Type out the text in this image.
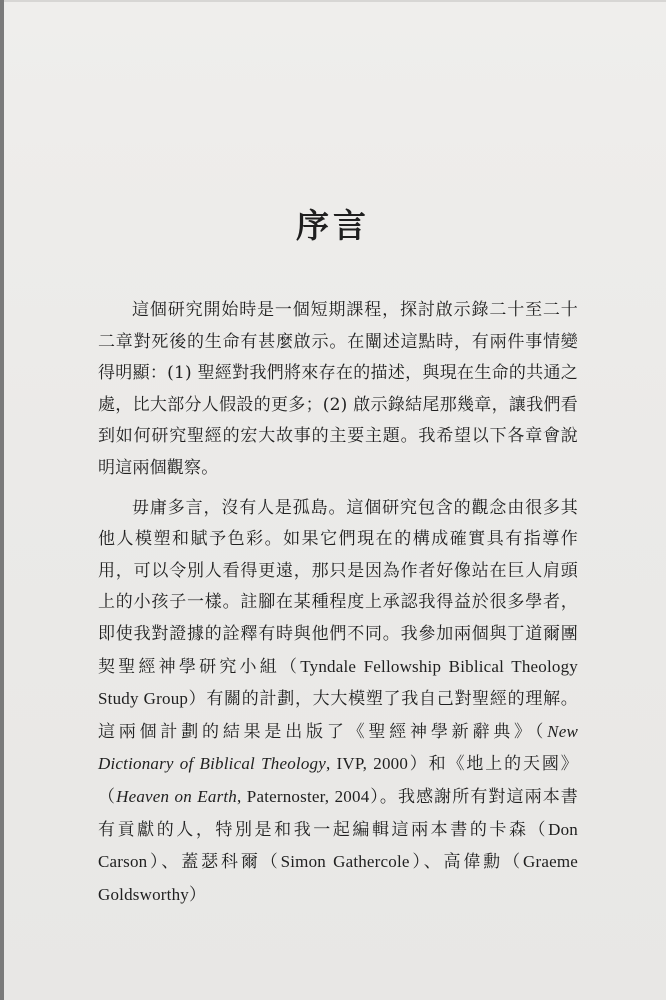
序言

這個研究開始時是一個短期課程，探討啟示錄二十至二十二章對死後的生命有甚麼啟示。在闡述這點時，有兩件事情變得明顯：(1) 聖經對我們將來存在的描述，與現在生命的共通之處，比大部分人假設的更多；(2) 啟示錄結尾那幾章，讓我們看到如何研究聖經的宏大故事的主要主題。我希望以下各章會說明這兩個觀察。

毋庸多言，沒有人是孤島。這個研究包含的觀念由很多其他人模塑和賦予色彩。如果它們現在的構成確實具有指導作用，可以令別人看得更遠，那只是因為作者好像站在巨人肩頭上的小孩子一樣。註腳在某種程度上承認我得益於很多學者，即使我對證據的詮釋有時與他們不同。我參加兩個與丁道爾團契聖經神學研究小組（Tyndale Fellowship Biblical Theology Study Group）有關的計劃，大大模塑了我自己對聖經的理解。這兩個計劃的結果是出版了《聖經神學新辭典》（New Dictionary of Biblical Theology, IVP, 2000）和《地上的天國》（Heaven on Earth, Paternoster, 2004）。我感謝所有對這兩本書有貢獻的人，特別是和我一起編輯這兩本書的卡森（Don Carson）、蓋瑟科爾（Simon Gathercole）、高偉勳（Graeme Goldsworthy）
